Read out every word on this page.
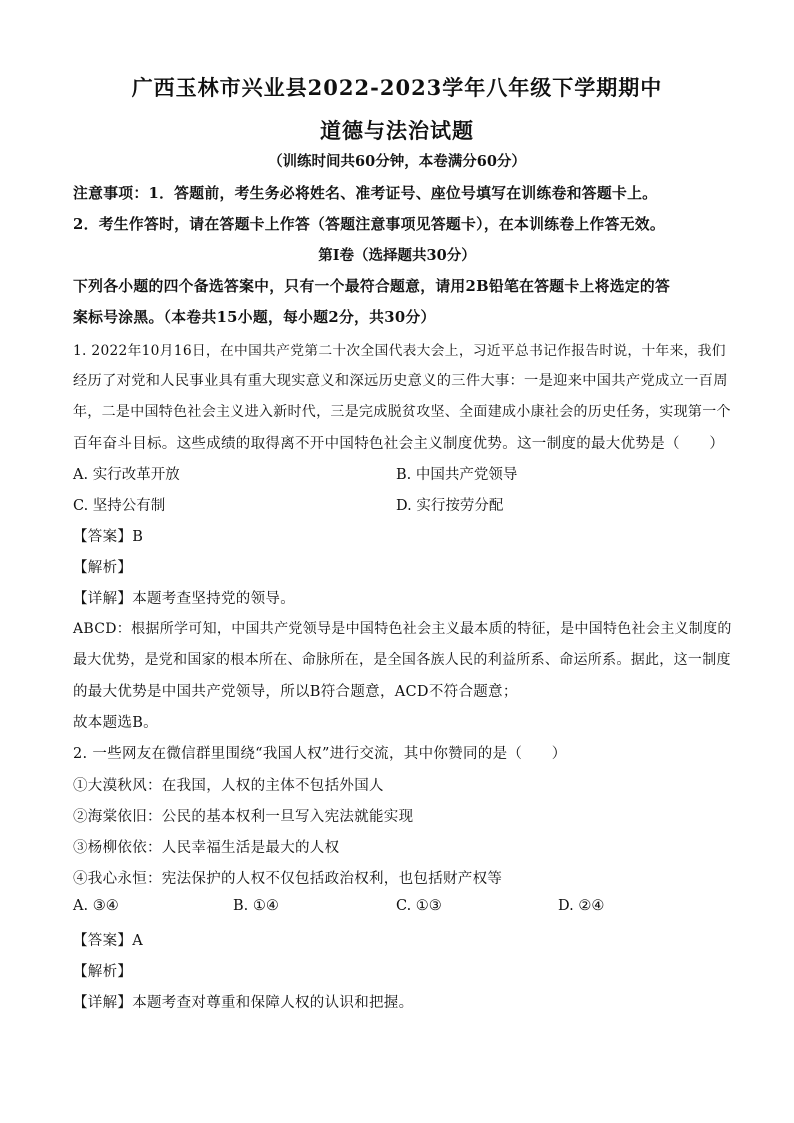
广西玉林市兴业县2022-2023学年八年级下学期期中
道德与法治试题
（训练时间共60分钟，本卷满分60分）
注意事项：1．答题前，考生务必将姓名、准考证号、座位号填写在训练卷和答题卡上。
2．考生作答时，请在答题卡上作答（答题注意事项见答题卡），在本训练卷上作答无效。
第Ⅰ卷（选择题共30分）
下列各小题的四个备选答案中，只有一个最符合题意，请用2B铅笔在答题卡上将选定的答
案标号涂黑。（本卷共15小题，每小题2分，共30分）
1. 2022年10月16日，在中国共产党第二十次全国代表大会上，习近平总书记作报告时说，十年来，我们
经历了对党和人民事业具有重大现实意义和深远历史意义的三件大事：一是迎来中国共产党成立一百周
年，二是中国特色社会主义进入新时代，三是完成脱贫攻坚、全面建成小康社会的历史任务，实现第一个
百年奋斗目标。这些成绩的取得离不开中国特色社会主义制度优势。这一制度的最大优势是（　　）
A. 实行改革开放	B. 中国共产党领导
C. 坚持公有制	D. 实行按劳分配
【答案】B
【解析】
【详解】本题考查坚持党的领导。
ABCD：根据所学可知，中国共产党领导是中国特色社会主义最本质的特征，是中国特色社会主义制度的
最大优势，是党和国家的根本所在、命脉所在，是全国各族人民的利益所系、命运所系。据此，这一制度
的最大优势是中国共产党领导，所以B符合题意，ACD不符合题意；
故本题选B。
2. 一些网友在微信群里围绕“我国人权”进行交流，其中你赞同的是（　　）
①大漠秋风：在我国，人权的主体不包括外国人
②海棠依旧：公民的基本权利一旦写入宪法就能实现
③杨柳依依：人民幸福生活是最大的人权
④我心永恒：宪法保护的人权不仅包括政治权利，也包括财产权等
A. ③④	B. ①④	C. ①③	D. ②④
【答案】A
【解析】
【详解】本题考查对尊重和保障人权的认识和把握。
